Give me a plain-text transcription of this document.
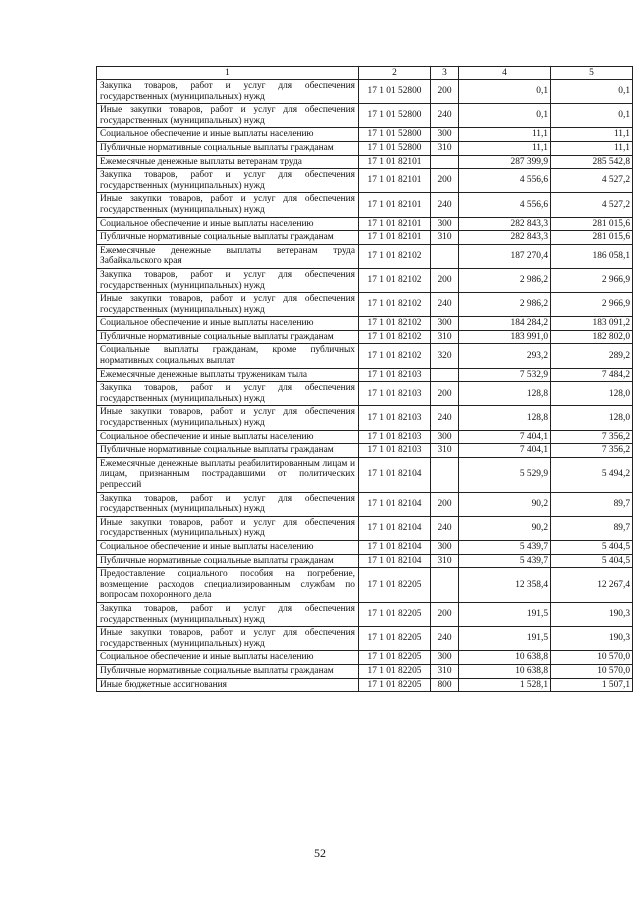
1	2	3	4	5
Закупка товаров, работ и услуг для обеспечения государственных (муниципальных) нужд	17 1 01 52800	200	0,1	0,1
Иные закупки товаров, работ и услуг для обеспечения государственных (муниципальных) нужд	17 1 01 52800	240	0,1	0,1
Социальное обеспечение и иные выплаты населению	17 1 01 52800	300	11,1	11,1
Публичные нормативные социальные выплаты гражданам	17 1 01 52800	310	11,1	11,1
Ежемесячные денежные выплаты ветеранам труда	17 1 01 82101		287 399,9	285 542,8
Закупка товаров, работ и услуг для обеспечения государственных (муниципальных) нужд	17 1 01 82101	200	4 556,6	4 527,2
Иные закупки товаров, работ и услуг для обеспечения государственных (муниципальных) нужд	17 1 01 82101	240	4 556,6	4 527,2
Социальное обеспечение и иные выплаты населению	17 1 01 82101	300	282 843,3	281 015,6
Публичные нормативные социальные выплаты гражданам	17 1 01 82101	310	282 843,3	281 015,6
Ежемесячные денежные выплаты ветеранам труда Забайкальского края	17 1 01 82102		187 270,4	186 058,1
Закупка товаров, работ и услуг для обеспечения государственных (муниципальных) нужд	17 1 01 82102	200	2 986,2	2 966,9
Иные закупки товаров, работ и услуг для обеспечения государственных (муниципальных) нужд	17 1 01 82102	240	2 986,2	2 966,9
Социальное обеспечение и иные выплаты населению	17 1 01 82102	300	184 284,2	183 091,2
Публичные нормативные социальные выплаты гражданам	17 1 01 82102	310	183 991,0	182 802,0
Социальные выплаты гражданам, кроме публичных нормативных социальных выплат	17 1 01 82102	320	293,2	289,2
Ежемесячные денежные выплаты труженикам тыла	17 1 01 82103		7 532,9	7 484,2
Закупка товаров, работ и услуг для обеспечения государственных (муниципальных) нужд	17 1 01 82103	200	128,8	128,0
Иные закупки товаров, работ и услуг для обеспечения государственных (муниципальных) нужд	17 1 01 82103	240	128,8	128,0
Социальное обеспечение и иные выплаты населению	17 1 01 82103	300	7 404,1	7 356,2
Публичные нормативные социальные выплаты гражданам	17 1 01 82103	310	7 404,1	7 356,2
Ежемесячные денежные выплаты реабилитированным лицам и лицам, признанным пострадавшими от политических репрессий	17 1 01 82104		5 529,9	5 494,2
Закупка товаров, работ и услуг для обеспечения государственных (муниципальных) нужд	17 1 01 82104	200	90,2	89,7
Иные закупки товаров, работ и услуг для обеспечения государственных (муниципальных) нужд	17 1 01 82104	240	90,2	89,7
Социальное обеспечение и иные выплаты населению	17 1 01 82104	300	5 439,7	5 404,5
Публичные нормативные социальные выплаты гражданам	17 1 01 82104	310	5 439,7	5 404,5
Предоставление социального пособия на погребение, возмещение расходов специализированным службам по вопросам похоронного дела	17 1 01 82205		12 358,4	12 267,4
Закупка товаров, работ и услуг для обеспечения государственных (муниципальных) нужд	17 1 01 82205	200	191,5	190,3
Иные закупки товаров, работ и услуг для обеспечения государственных (муниципальных) нужд	17 1 01 82205	240	191,5	190,3
Социальное обеспечение и иные выплаты населению	17 1 01 82205	300	10 638,8	10 570,0
Публичные нормативные социальные выплаты гражданам	17 1 01 82205	310	10 638,8	10 570,0
Иные бюджетные ассигнования	17 1 01 82205	800	1 528,1	1 507,1
52
